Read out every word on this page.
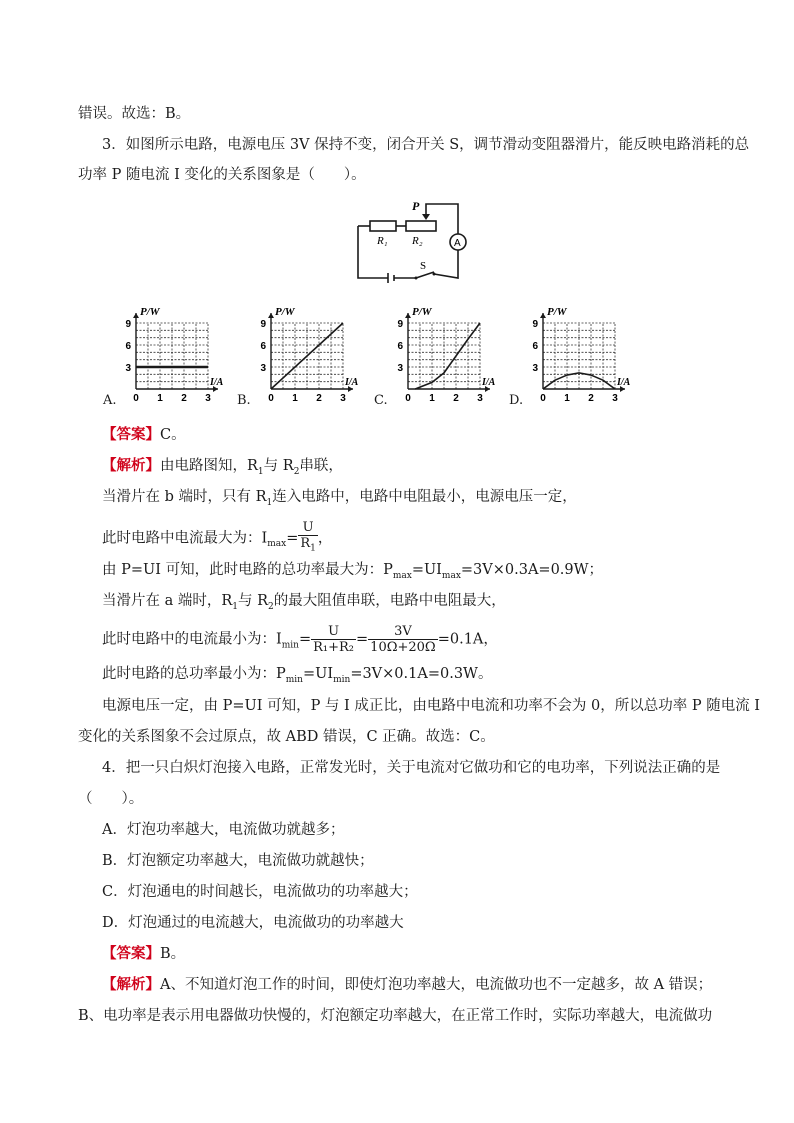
错误。故选：B。
3．如图所示电路，电源电压 3V 保持不变，闭合开关 S，调节滑动变阻器滑片，能反映电路消耗的总
功率 P 随电流 I 变化的关系图象是（　　）。
R₁ R₂
P
A
S
P/W
I/A
3
6
9
0 1 2 3
P/W
I/A
3
6
9
0 1 2 3
P/W
I/A
3
6
9
0 1 2 3
P/W
I/A
3
6
9
0 1 2 3
A.	B.	C.	D.
【答案】C。
【解析】由电路图知，$R_1$与 $R_2$串联，
当滑片在 b 端时，只有 $R_1$连入电路中，电路中电阻最小，电源电压一定，
此时电路中电流最大为：$I_{max}= \frac{U}{R_1}$ ，
由 P=UI 可知，此时电路的总功率最大为：$P_{max}=UI_{max}=3V\times 0.3A=0.9W$；
当滑片在 a 端时，$R_1$与 $R_2$的最大阻值串联，电路中电阻最大，
此时电路中的电流最小为：$I_{min}= \frac{U}{\text{R₁+R₂}} = \frac{3V}{10\Omega+20\Omega} =0.1A$，
此时电路的总功率最小为：$P_{min}=UI_{min}=3V\times 0.1A=0.3W$。
电源电压一定，由 P=UI 可知，P 与 I 成正比，由电路中电流和功率不会为 0，所以总功率 P 随电流 I
变化的关系图象不会过原点，故 ABD 错误，C 正确。故选：C。
4．把一只白炽灯泡接入电路，正常发光时，关于电流对它做功和它的电功率，下列说法正确的是
（　　）。
A．灯泡功率越大，电流做功就越多；
B．灯泡额定功率越大，电流做功就越快；
C．灯泡通电的时间越长，电流做功的功率越大；
D．灯泡通过的电流越大，电流做功的功率越大
【答案】B。
【解析】A、不知道灯泡工作的时间，即使灯泡功率越大，电流做功也不一定越多，故 A 错误；
B、电功率是表示用电器做功快慢的，灯泡额定功率越大，在正常工作时，实际功率越大，电流做功
